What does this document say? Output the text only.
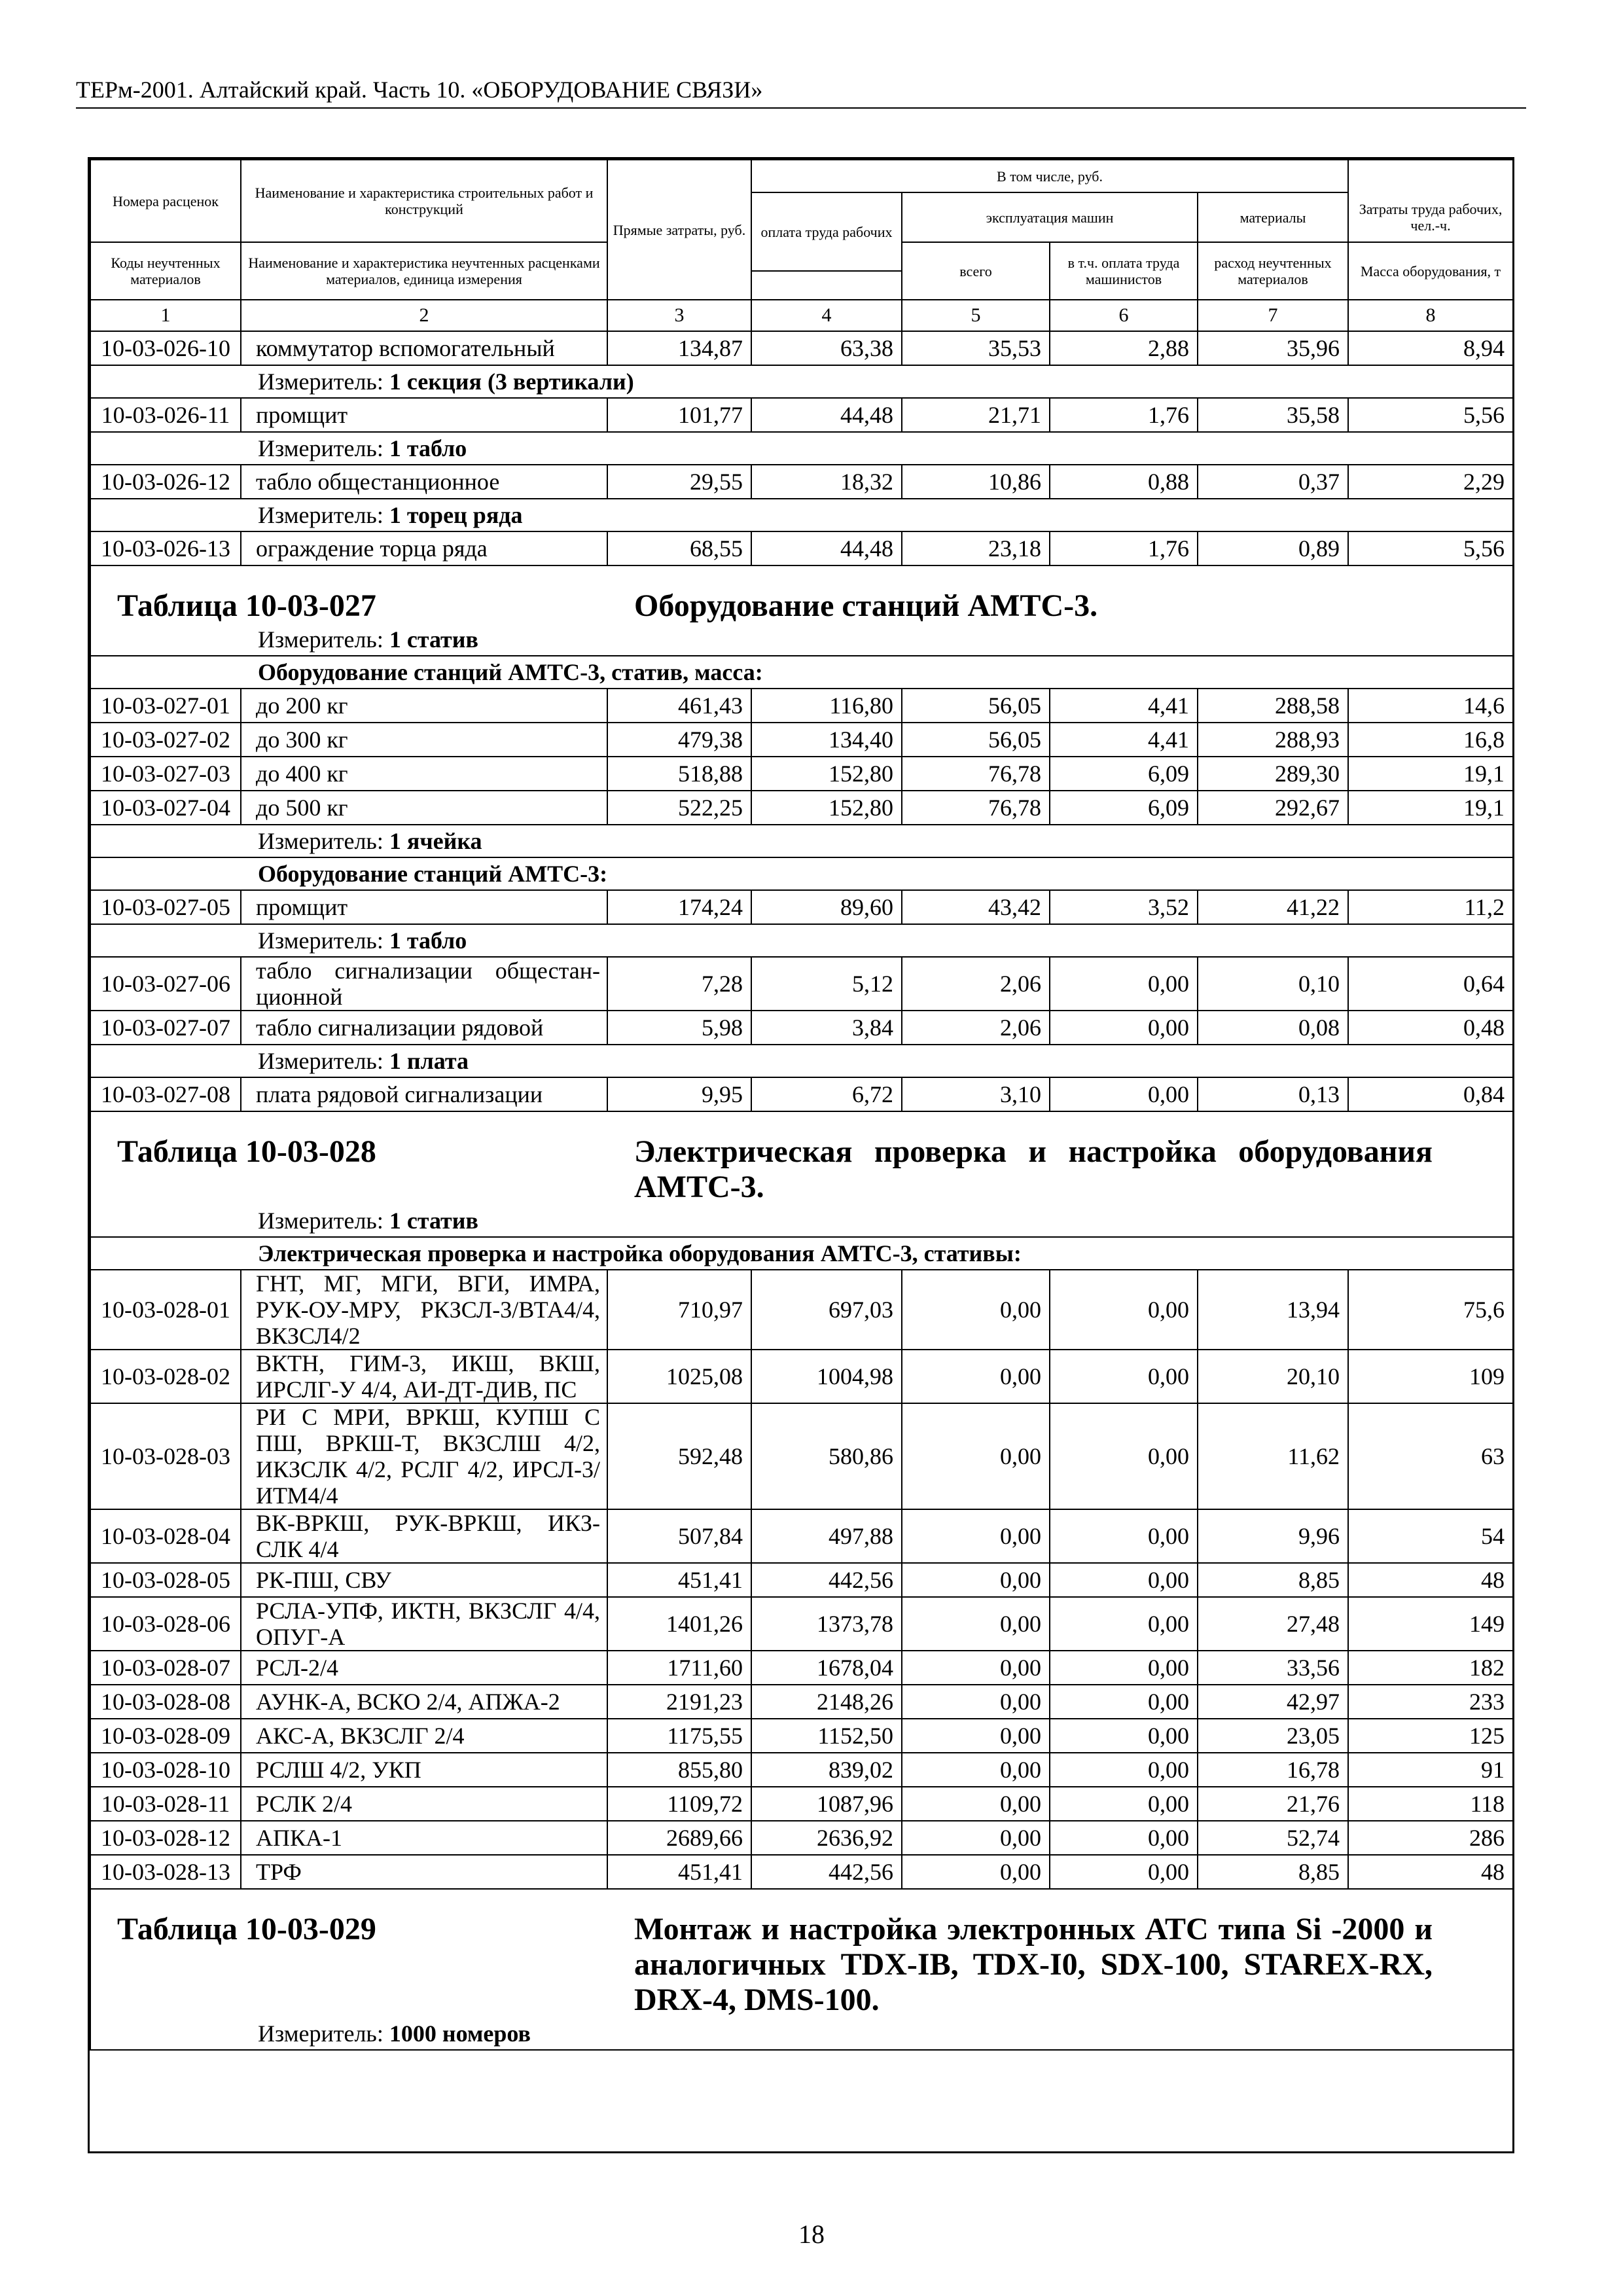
ТЕРм-2001. Алтайский край. Часть 10. «ОБОРУДОВАНИЕ СВЯЗИ»
Номера расценок	Наименование и характеристика строительных работ и конструкций	Прямые затраты, руб.	В том числе, руб.				
			оплата труда рабочих	эксплуатация машин		материалы	Затраты труда рабочих, чел.-ч.

Коды неучтенных материалов	Наименование и характеристика неучтенных расценками материалов, единица измерения			всего	в т.ч. оплата труда машинистов	расход неучтенных материалов	Масса оборудования, т

1	2	3	4	5	6	7	8
10-03-026-10	коммутатор вспомогательный	134,87	63,38	35,53	2,88	35,96	8,94
	Измеритель: 1 секция (3 вертикали)						
10-03-026-11	промщит	101,77	44,48	21,71	1,76	35,58	5,56
	Измеритель: 1 табло						
10-03-026-12	табло общестанционное	29,55	18,32	10,86	0,88	0,37	2,29
	Измеритель: 1 торец ряда						
10-03-026-13	ограждение торца ряда	68,55	44,48	23,18	1,76	0,89	5,56

Таблица 10-03-027 Оборудование станций АМТС-3.							

	Измеритель: 1 статив						
	Оборудование станций АМТС-3, статив, масса:						
10-03-027-01	до 200 кг	461,43	116,80	56,05	4,41	288,58	14,6
10-03-027-02	до 300 кг	479,38	134,40	56,05	4,41	288,93	16,8
10-03-027-03	до 400 кг	518,88	152,80	76,78	6,09	289,30	19,1
10-03-027-04	до 500 кг	522,25	152,80	76,78	6,09	292,67	19,1
	Измеритель: 1 ячейка						
	Оборудование станций АМТС-3:						
10-03-027-05	промщит	174,24	89,60	43,42	3,52	41,22	11,2
	Измеритель: 1 табло						
10-03-027-06	табло сигнализации общестан-ционной	7,28	5,12	2,06	0,00	0,10	0,64
10-03-027-07	табло сигнализации рядовой	5,98	3,84	2,06	0,00	0,08	0,48
	Измеритель: 1 плата						
10-03-027-08	плата рядовой сигнализации	9,95	6,72	3,10	0,00	0,13	0,84

Таблица 10-03-028 Электрическая проверка и настройка оборудования АМТС-3.							

	Измеритель: 1 статив						
	Электрическая проверка и настройка оборудования АМТС-3, стативы:						
10-03-028-01	ГНТ, МГ, МГИ, ВГИ, ИМРА, РУК-ОУ-МРУ, РКЗСЛ-3/ВТА4/4, ВКЗСЛ4/2	710,97	697,03	0,00	0,00	13,94	75,6
10-03-028-02	ВКТН, ГИМ-3, ИКШ, ВКШ, ИРСЛГ-У 4/4, АИ-ДТ-ДИВ, ПС	1025,08	1004,98	0,00	0,00	20,10	109
10-03-028-03	РИ С МРИ, ВРКШ, КУПШ С ПШ, ВРКШ-Т, ВКЗСЛШ 4/2, ИКЗСЛК 4/2, РСЛГ 4/2, ИРСЛ-3/ИТМ4/4	592,48	580,86	0,00	0,00	11,62	63
10-03-028-04	ВК-ВРКШ, РУК-ВРКШ, ИКЗ-СЛК 4/4	507,84	497,88	0,00	0,00	9,96	54
10-03-028-05	РК-ПШ, СВУ	451,41	442,56	0,00	0,00	8,85	48
10-03-028-06	РСЛА-УПФ, ИКТН, ВКЗСЛГ 4/4, ОПУГ-А	1401,26	1373,78	0,00	0,00	27,48	149
10-03-028-07	РСЛ-2/4	1711,60	1678,04	0,00	0,00	33,56	182
10-03-028-08	АУНК-А, ВСКО 2/4, АПЖА-2	2191,23	2148,26	0,00	0,00	42,97	233
10-03-028-09	АКС-А, ВКЗСЛГ 2/4	1175,55	1152,50	0,00	0,00	23,05	125
10-03-028-10	РСЛШ 4/2, УКП	855,80	839,02	0,00	0,00	16,78	91
10-03-028-11	РСЛК 2/4	1109,72	1087,96	0,00	0,00	21,76	118
10-03-028-12	АПКА-1	2689,66	2636,92	0,00	0,00	52,74	286
10-03-028-13	ТРФ	451,41	442,56	0,00	0,00	8,85	48

Таблица 10-03-029 Монтаж и настройка электронных АТС типа Si -2000 и аналогичных TDX-IB, TDX-I0, SDX-100, STAREX-RX, DRX-4, DMS-100.							

	Измеритель: 1000 номеров						
18
